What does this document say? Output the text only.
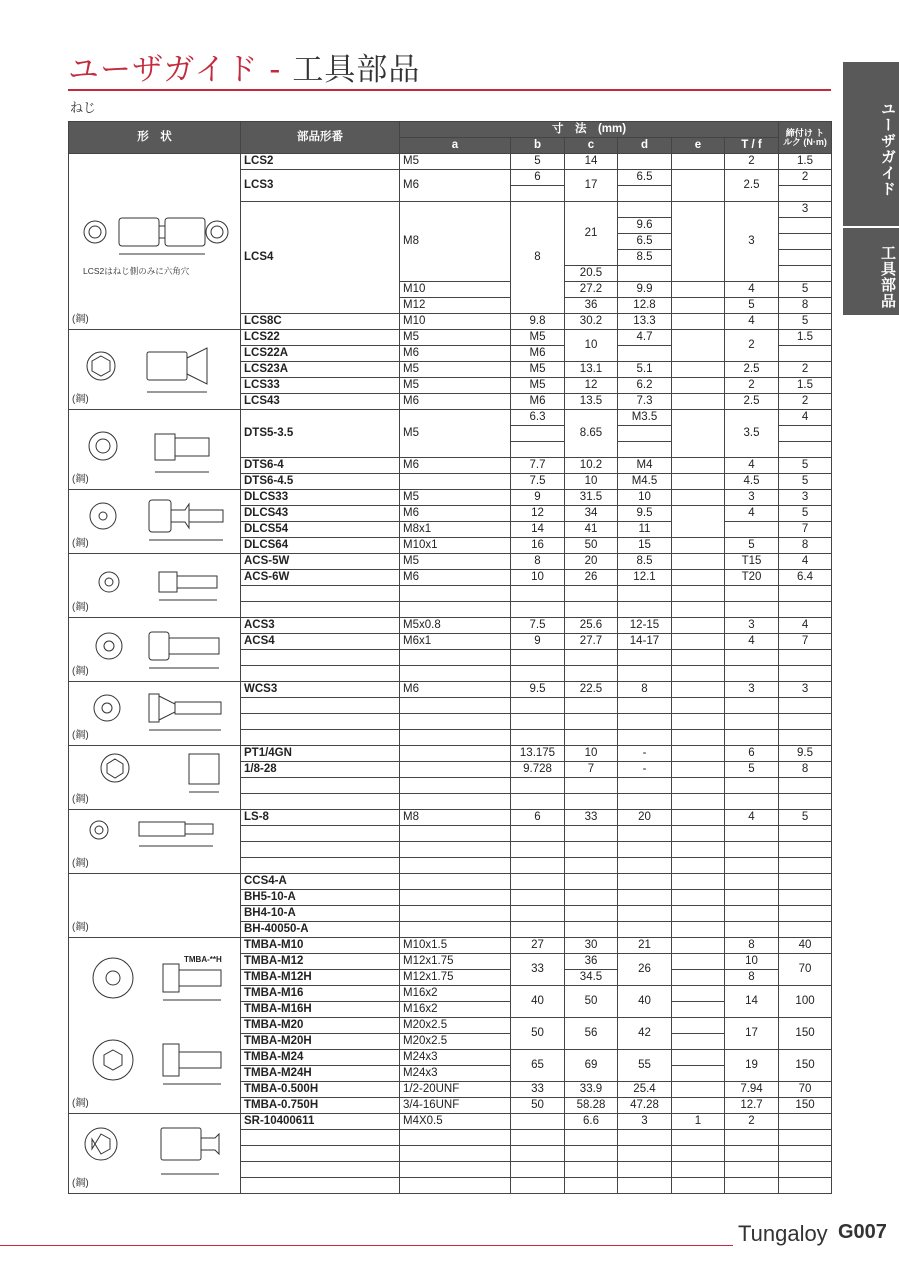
ユーザガイド - 工具部品
ねじ	ユーザガイド
工具部品
形　状	部品形番	寸　法　(mm)						締付け トルク (N·m)
		a	b	c	d	e	T / f	

(鋼)
LCS2はねじ側のみに六角穴	LCS2	M5	5	14			2	1.5
	LCS3	M6	6	17	6.5		2.5	2

	LCS4	M8	8	21			3	3
					9.6			
					6.5			
					8.5			
				20.5				
		M10		27.2	9.9		4	5
		M12		36	12.8		5	8
	LCS8C	M10	9.8	30.2	13.3		4	5

(鋼)	LCS22	M5	M5	10	4.7		2	1.5
	LCS22A	M6	M6					
	LCS23A	M5	M5	13.1	5.1		2.5	2
	LCS33	M5	M5	12	6.2		2	1.5
	LCS43	M6	M6	13.5	7.3		2.5	2

(鋼)	DTS5-3.5	M5	6.3	8.65	M3.5		3.5	4

	DTS6-4	M6	7.7	10.2	M4		4	5
	DTS6-4.5		7.5	10	M4.5		4.5	5

(鋼)	DLCS33	M5	9	31.5	10		3	3
	DLCS43	M6	12	34	9.5		4	5
	DLCS54	M8x1	14	41	11			7
	DLCS64	M10x1	16	50	15		5	8

(鋼)	ACS-5W	M5	8	20	8.5		T15	4
	ACS-6W	M6	10	26	12.1		T20	6.4

(鋼)	ACS3	M5x0.8	7.5	25.6	12-15		3	4
	ACS4	M6x1	9	27.7	14-17		4	7

(鋼)	WCS3	M6	9.5	22.5	8		3	3

(鋼)	PT1/4GN		13.175	10	-		6	9.5
	1/8-28		9.728	7	-		5	8

(鋼)	LS-8	M8	6	33	20		4	5

(鋼)	CCS4-A							
	BH5-10-A							
	BH4-10-A							
	BH-40050-A							

(鋼)
TMBA-**H	TMBA-M10	M10x1.5	27	30	21		8	40
	TMBA-M12	M12x1.75	33	36	26		10	70
	TMBA-M12H	M12x1.75		34.5			8	
	TMBA-M16	M16x2	40	50	40		14	100
	TMBA-M16H	M16x2						
	TMBA-M20	M20x2.5	50	56	42		17	150
	TMBA-M20H	M20x2.5						
	TMBA-M24	M24x3	65	69	55		19	150
	TMBA-M24H	M24x3						
	TMBA-0.500H	1/2-20UNF	33	33.9	25.4		7.94	70
	TMBA-0.750H	3/4-16UNF	50	58.28	47.28		12.7	150

(鋼)	SR-10400611	M4X0.5		6.6	3	1	2	

Tungaloy G007
